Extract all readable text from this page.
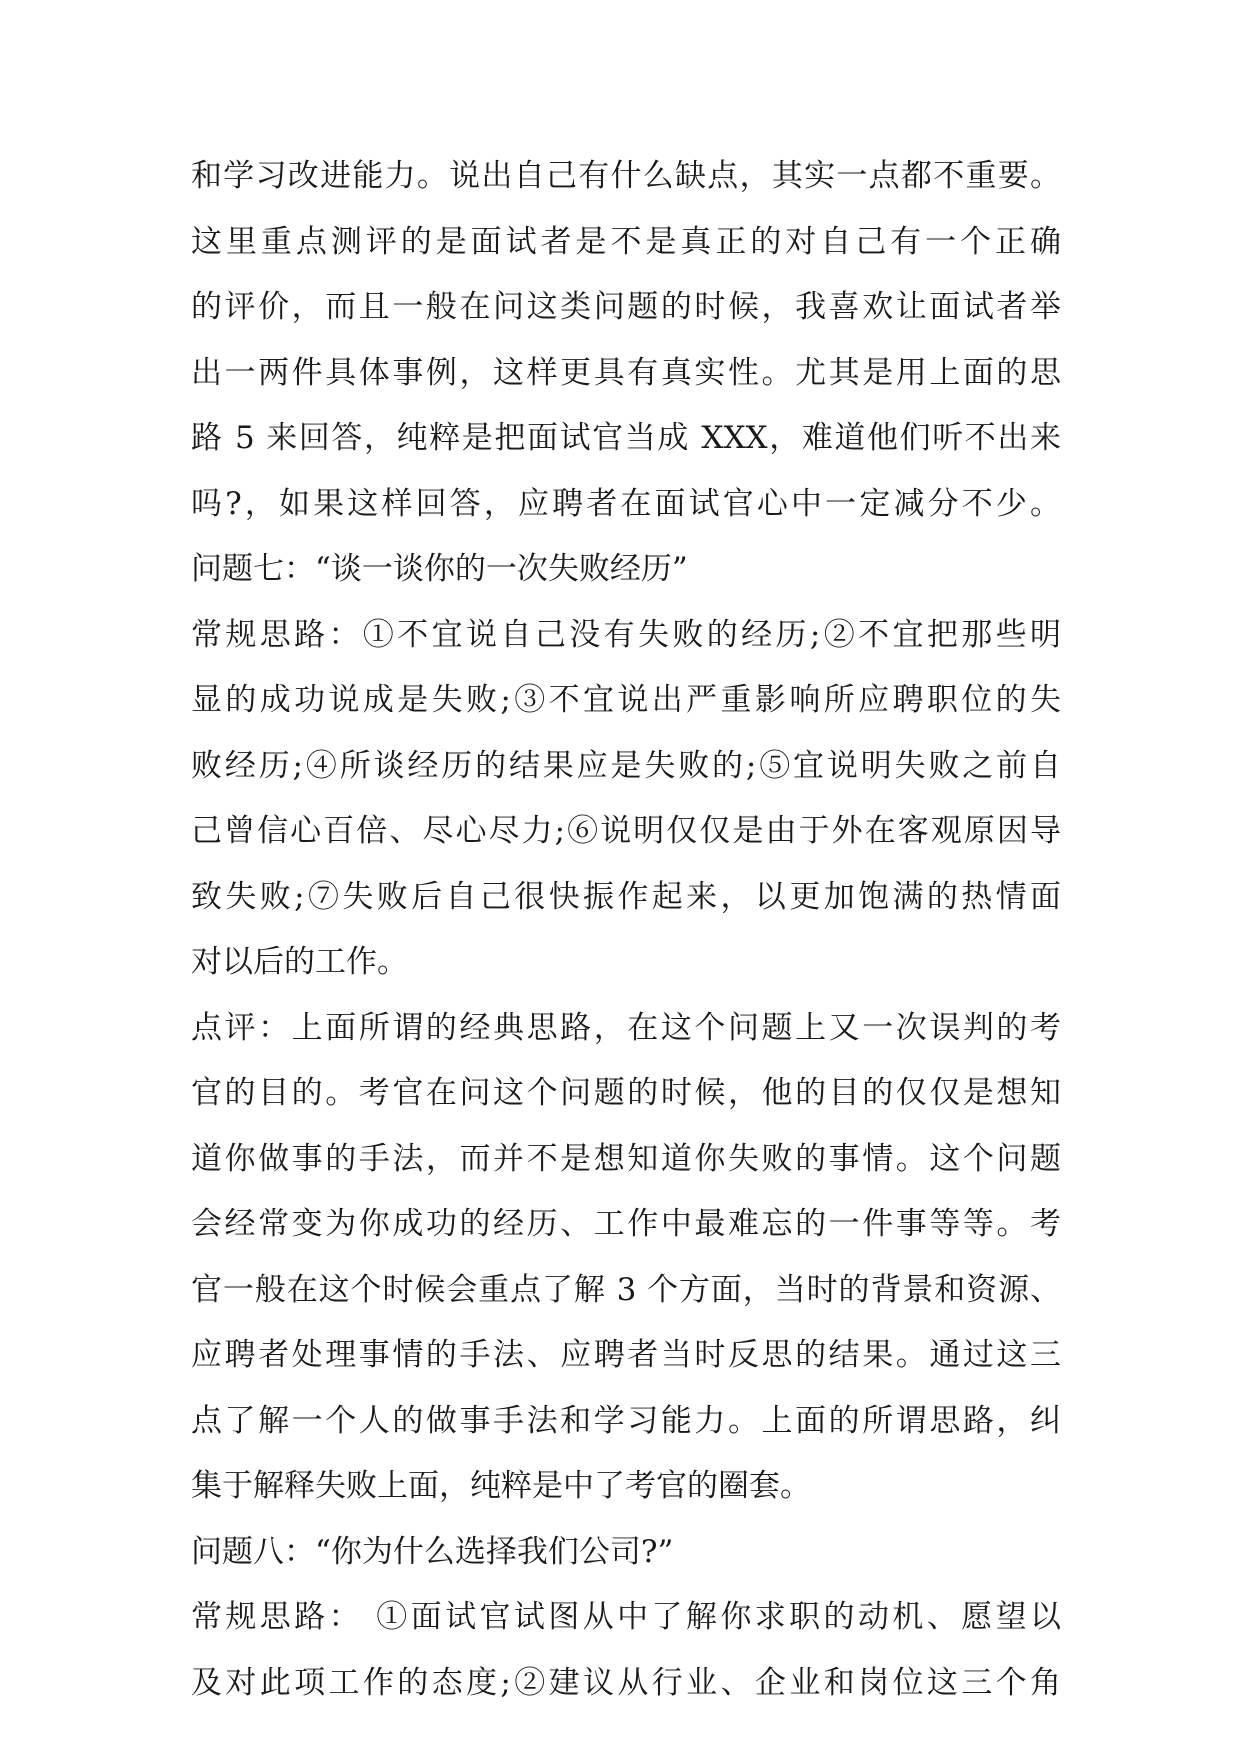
和学习改进能力。说出自己有什么缺点，其实一点都不重要。
这里重点测评的是面试者是不是真正的对自己有一个正确
的评价，而且一般在问这类问题的时候，我喜欢让面试者举
出一两件具体事例，这样更具有真实性。尤其是用上面的思
路 5 来回答，纯粹是把面试官当成 XXX，难道他们听不出来
吗?，如果这样回答，应聘者在面试官心中一定减分不少。
问题七：“谈一谈你的一次失败经历”
常规思路：①不宜说自己没有失败的经历;②不宜把那些明
显的成功说成是失败;③不宜说出严重影响所应聘职位的失
败经历;④所谈经历的结果应是失败的;⑤宜说明失败之前自
己曾信心百倍、尽心尽力;⑥说明仅仅是由于外在客观原因导
致失败;⑦失败后自己很快振作起来，以更加饱满的热情面
对以后的工作。
点评：上面所谓的经典思路，在这个问题上又一次误判的考
官的目的。考官在问这个问题的时候，他的目的仅仅是想知
道你做事的手法，而并不是想知道你失败的事情。这个问题
会经常变为你成功的经历、工作中最难忘的一件事等等。考
官一般在这个时候会重点了解 3 个方面，当时的背景和资源、
应聘者处理事情的手法、应聘者当时反思的结果。通过这三
点了解一个人的做事手法和学习能力。上面的所谓思路，纠
集于解释失败上面，纯粹是中了考官的圈套。
问题八：“你为什么选择我们公司?”
常规思路： ①面试官试图从中了解你求职的动机、愿望以
及对此项工作的态度;②建议从行业、企业和岗位这三个角
